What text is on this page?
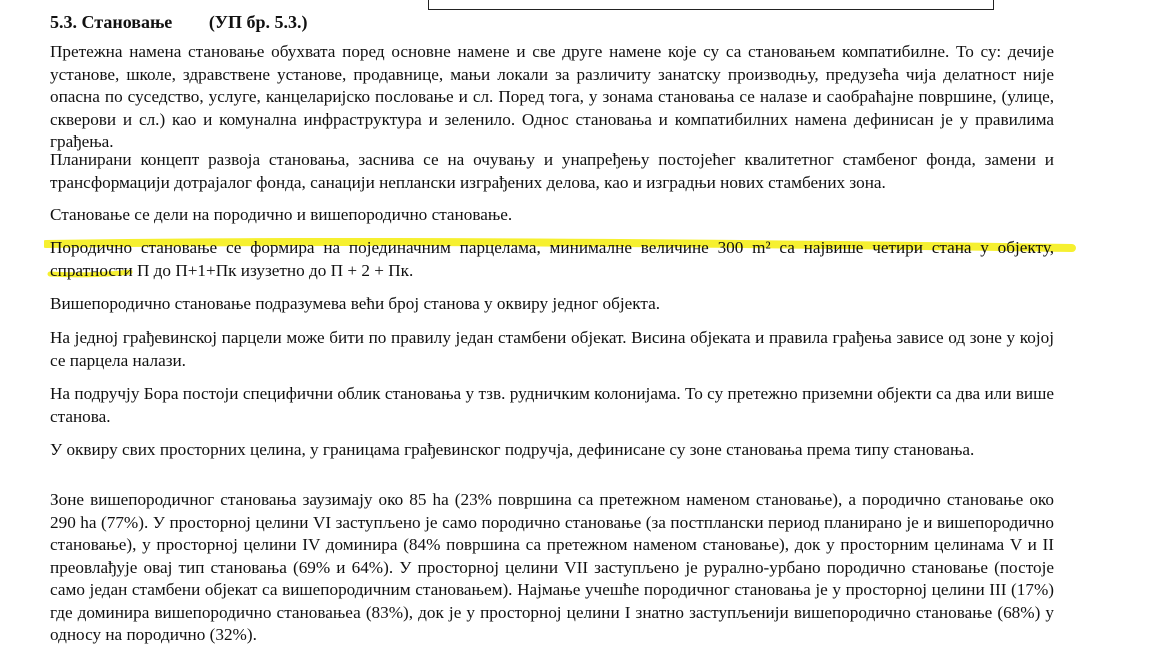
5.3. Становање (УП бр. 5.3.)

Претежна намена становање обухвата поред основне намене и све друге намене које су са становањем компатибилне. То су: дечије установе, школе, здравствене установе, продавнице, мањи локали за различиту занатску производњу, предузећа чија делатност није опасна по суседство, услуге, канцеларијско пословање и сл. Поред тога, у зонама становања се налазе и саобраћајне површине, (улице, скверови и сл.) као и комунална инфраструктура и зеленило. Однос становања и компатибилних намена дефинисан је у правилима грађења.

Планирани концепт развоја становања, заснива се на очувању и унапређењу постојећег квалитетног стамбеног фонда, замени и трансформацији дотрајалог фонда, санацији неплански изграђених делова, као и изградњи нових стамбених зона.

Становање се дели на породично и вишепородично становање.

Породично становање се формира на појединачним парцелама, минималне величине 300 m² са највише четири стана у објекту, спратности П до П+1+Пк изузетно до П + 2 + Пк.

Вишепородично становање подразумева већи број станова у оквиру једног објекта.

На једној грађевинској парцели може бити по правилу један стамбени објекат. Висина објеката и правила грађења зависе од зоне у којој се парцела налази.

На подручју Бора постоји специфични облик становања у тзв. рудничким колонијама. То су претежно приземни објекти са два или више станова.

У оквиру свих просторних целина, у границама грађевинског подручја, дефинисане су зоне становања према типу становања.

Зоне вишепородичног становања заузимају око 85 ha (23% површина са претежном наменом становање), а породично становање око 290 ha (77%). У просторној целини VI заступљено је само породично становање (за постплански период планирано је и вишепородично становање), у просторној целини IV доминира (84% површина са претежном наменом становање), док у просторним целинама V и II преовлађује овај тип становања (69% и 64%). У просторној целини VII заступљено је рурално-урбано породично становање (постоје само један стамбени објекат са вишепородичним становањем). Најмање учешће породичног становања је у просторној целини III (17%) где доминира вишепородично становањеа (83%), док је у просторној целини I знатно заступљенији вишепородично становање (68%) у односу на породично (32%).
